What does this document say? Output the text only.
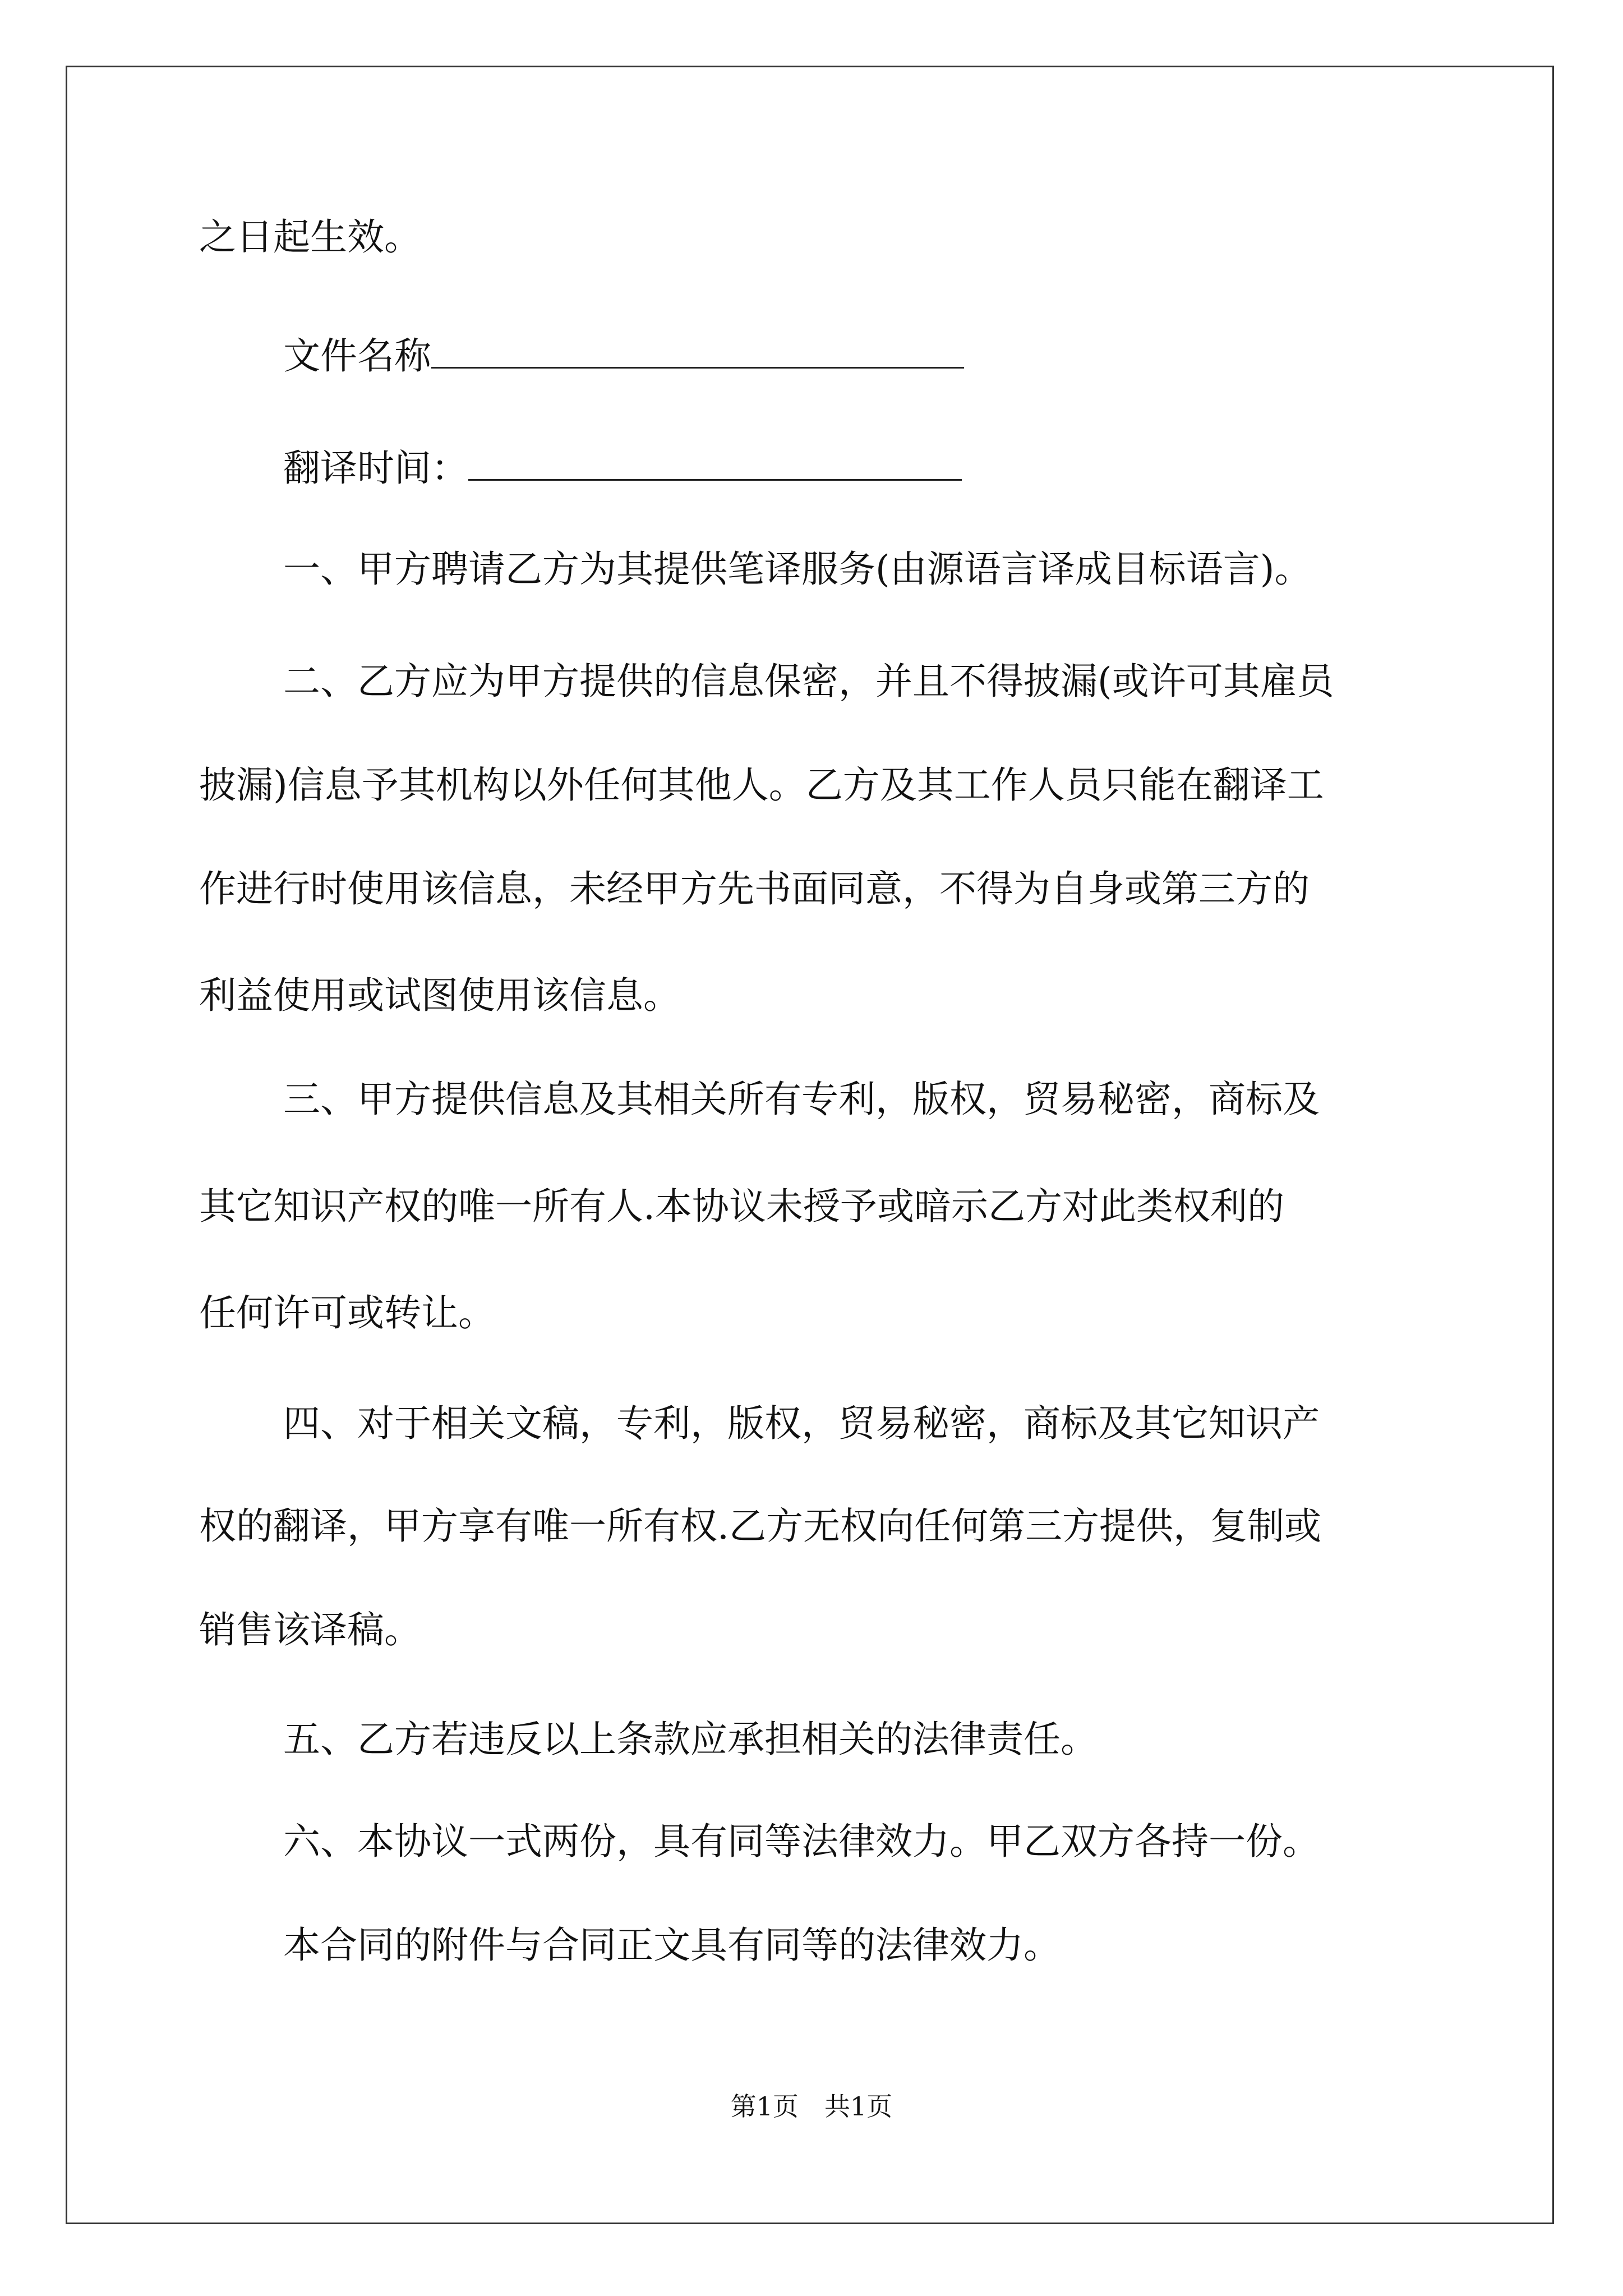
之日起生效。
文件名称
翻译时间：
一、甲方聘请乙方为其提供笔译服务(由源语言译成目标语言)。
二、乙方应为甲方提供的信息保密，并且不得披漏(或许可其雇员
披漏)信息予其机构以外任何其他人。乙方及其工作人员只能在翻译工
作进行时使用该信息，未经甲方先书面同意，不得为自身或第三方的
利益使用或试图使用该信息。
三、甲方提供信息及其相关所有专利，版权，贸易秘密，商标及
其它知识产权的唯一所有人.本协议未授予或暗示乙方对此类权利的
任何许可或转让。
四、对于相关文稿，专利，版权，贸易秘密，商标及其它知识产
权的翻译，甲方享有唯一所有权.乙方无权向任何第三方提供，复制或
销售该译稿。
五、乙方若违反以上条款应承担相关的法律责任。
六、本协议一式两份，具有同等法律效力。甲乙双方各持一份。
本合同的附件与合同正文具有同等的法律效力。
第1页　共1页
